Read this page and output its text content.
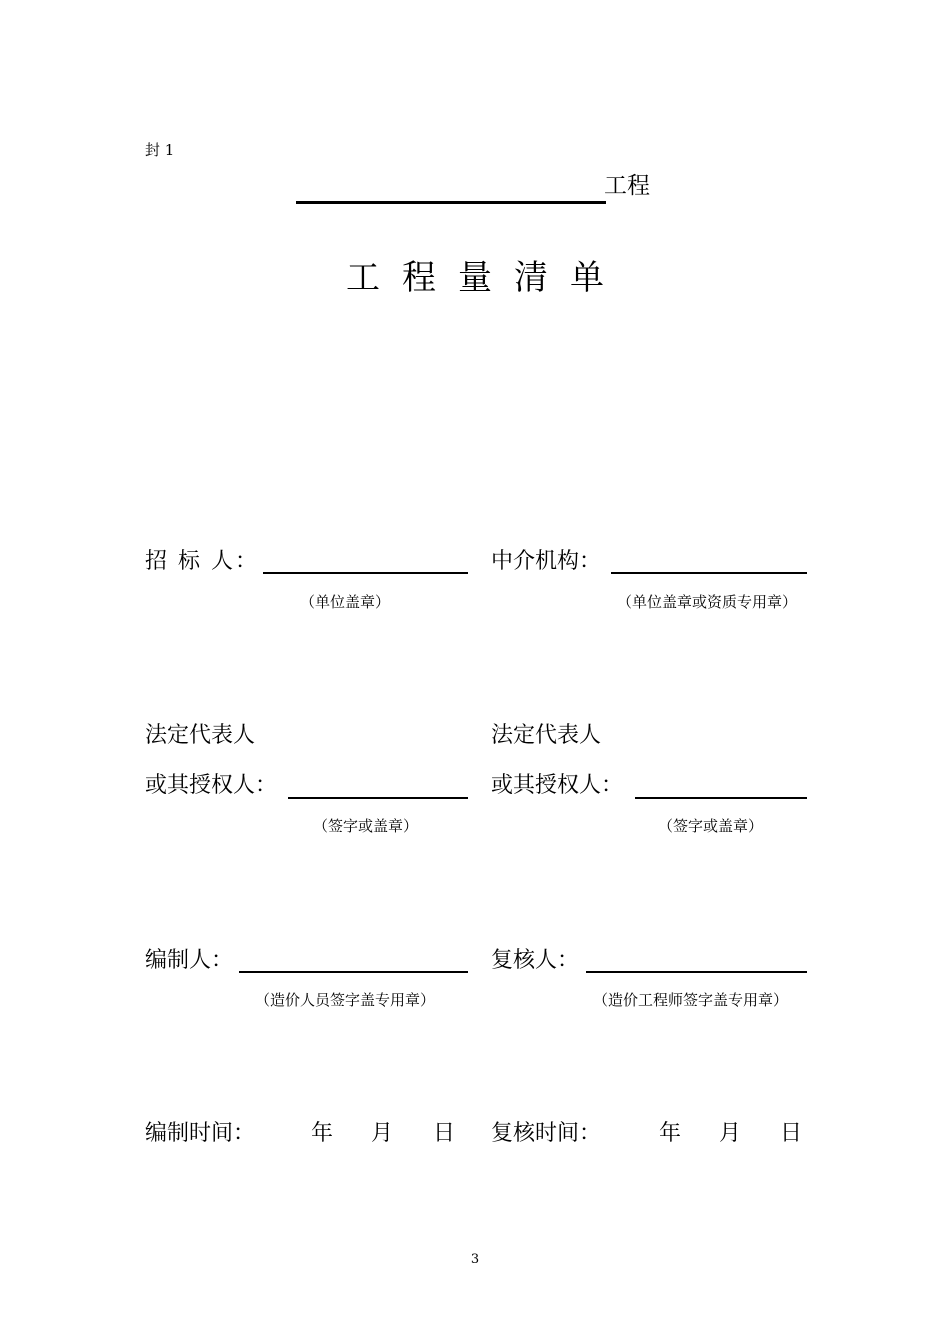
封 1
工程
工程量清单
招 标 人：
（单位盖章）
中介机构：
（单位盖章或资质专用章）
法定代表人
或其授权人：
（签字或盖章）
法定代表人
或其授权人：
（签字或盖章）
编制人：
（造价人员签字盖专用章）
复核人：
（造价工程师签字盖专用章）
编制时间：	年 月 日 复核时间：	年 月 日
3
